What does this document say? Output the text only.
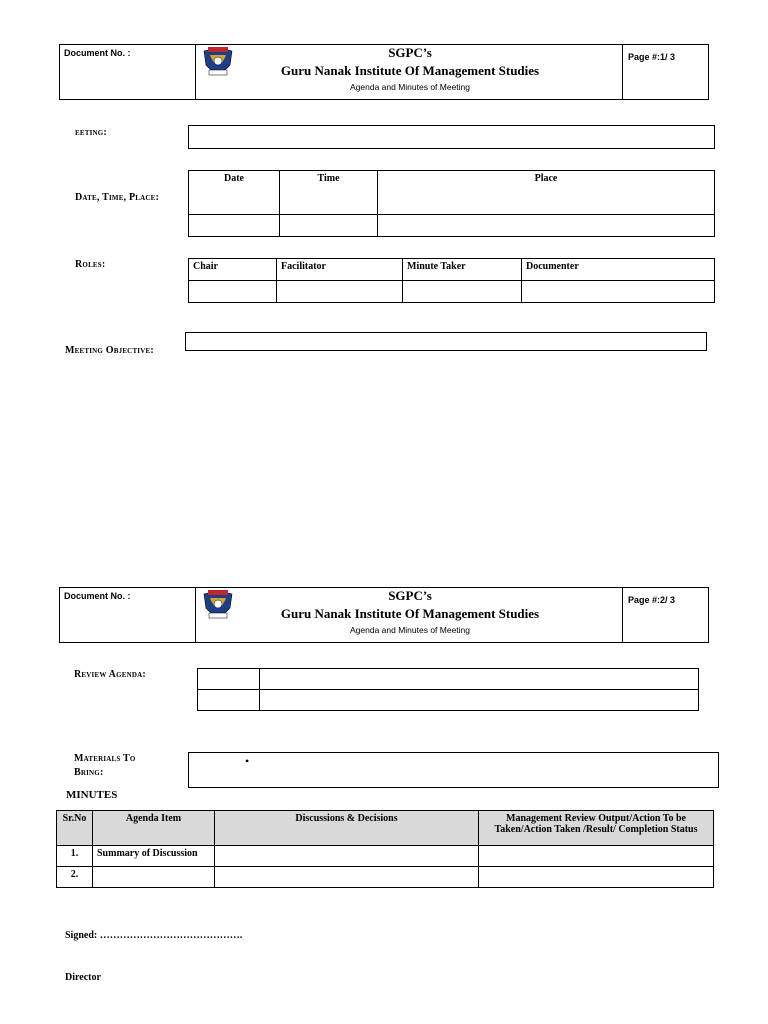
Document No. :	SGPC’s
Guru Nanak Institute Of Management Studies
Agenda and Minutes of Meeting
Page #:1/ 3
eeting:
Date, Time, Place:
Date	Time	Place

Roles:	Chair	Facilitator	Minute Taker	Documenter

Meeting Objective:
Document No. :	SGPC’s
Guru Nanak Institute Of Management Studies
Agenda and Minutes of Meeting
Page #:2/ 3
Review Agenda:

Materials To
Bring:
•
MINUTES
Sr.No	Agenda Item	Discussions & Decisions	Management Review Output/Action To be Taken/Action Taken /Result/ Completion Status
1.	Summary of Discussion		
2.			
Signed: …………………………………….
Director
